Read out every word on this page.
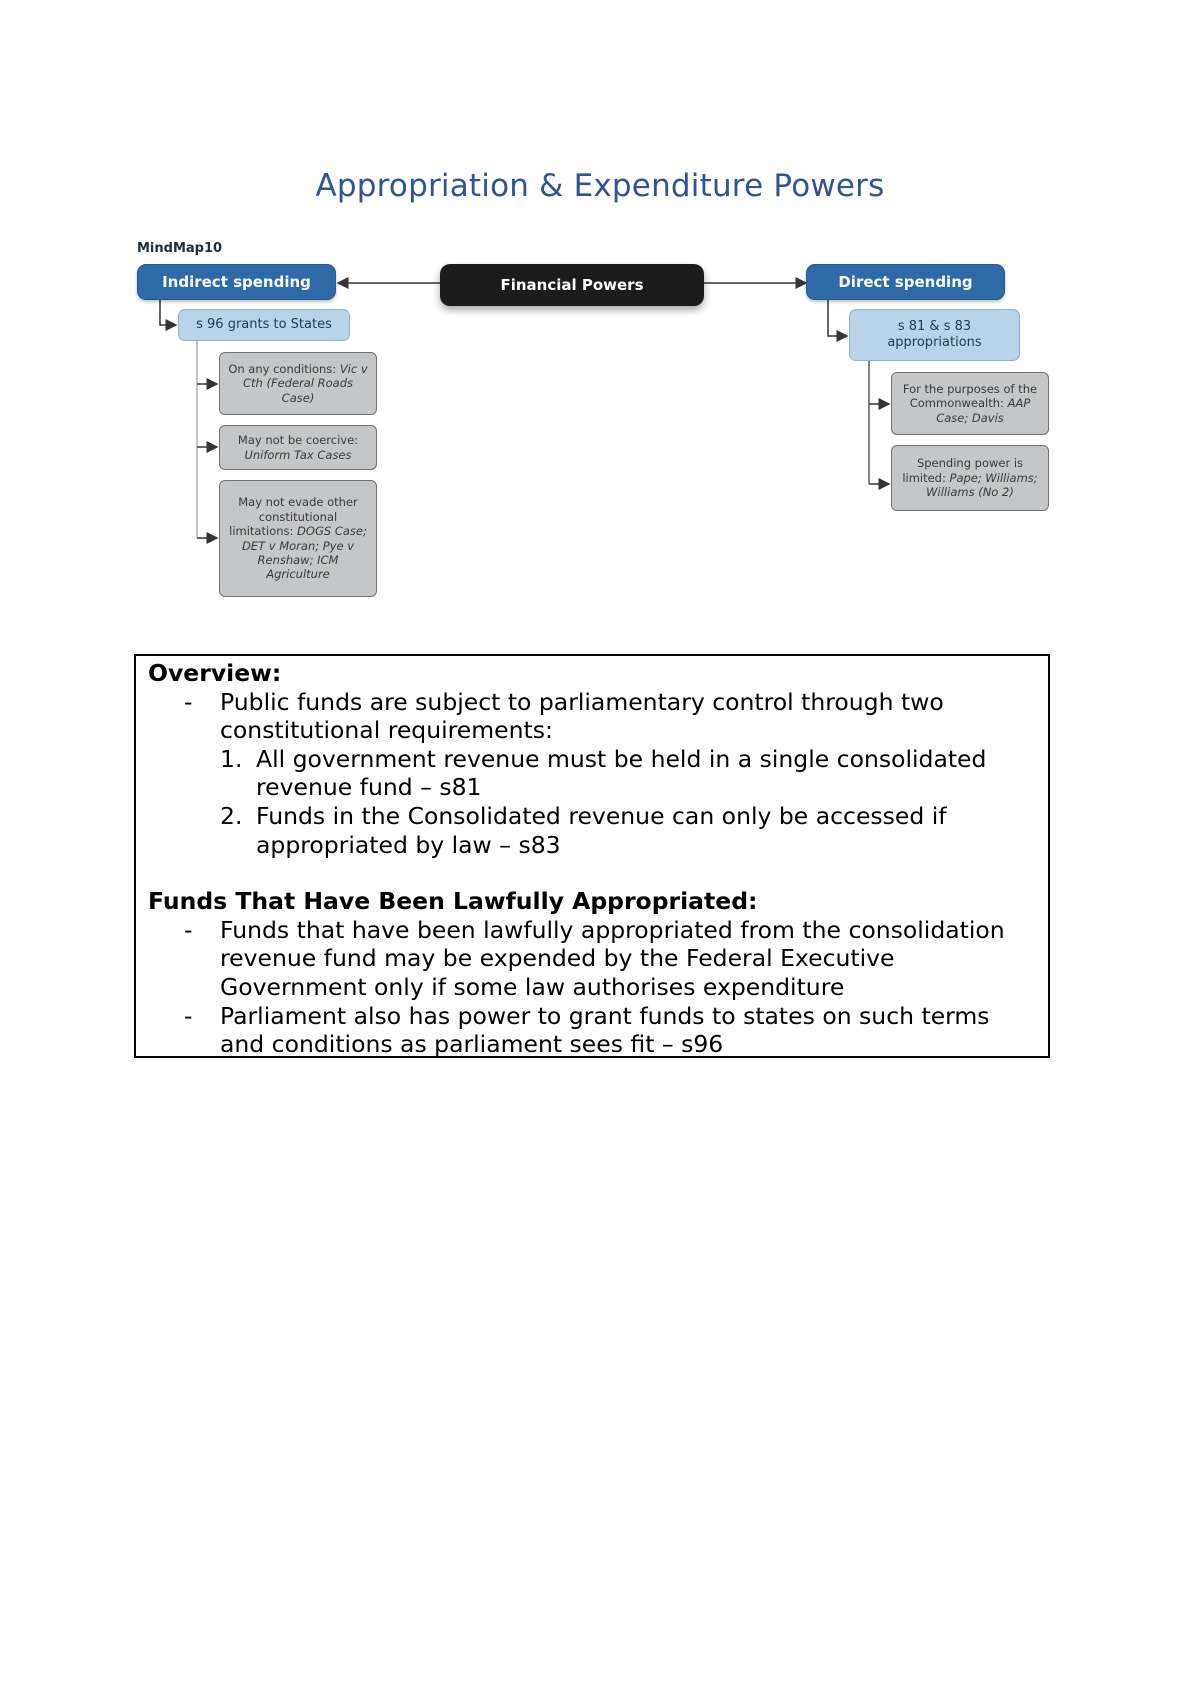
Appropriation & Expenditure Powers
MindMap10
Indirect spending	Financial Powers	Direct spending
s 96 grants to States	s 81 & s 83 appropriations
On any conditions: Vic v Cth (Federal Roads Case)
May not be coercive: Uniform Tax Cases
May not evade other constitutional limitations: DOGS Case; DET v Moran; Pye v Renshaw; ICM Agriculture
For the purposes of the Commonwealth: AAP Case; Davis
Spending power is limited: Pape; Williams; Williams (No 2)
Overview:
-	Public funds are subject to parliamentary control through two constitutional requirements:
1. All government revenue must be held in a single consolidated revenue fund – s81
2. Funds in the Consolidated revenue can only be accessed if appropriated by law – s83
Funds That Have Been Lawfully Appropriated:
-	Funds that have been lawfully appropriated from the consolidation revenue fund may be expended by the Federal Executive Government only if some law authorises expenditure
-	Parliament also has power to grant funds to states on such terms and conditions as parliament sees fit – s96
